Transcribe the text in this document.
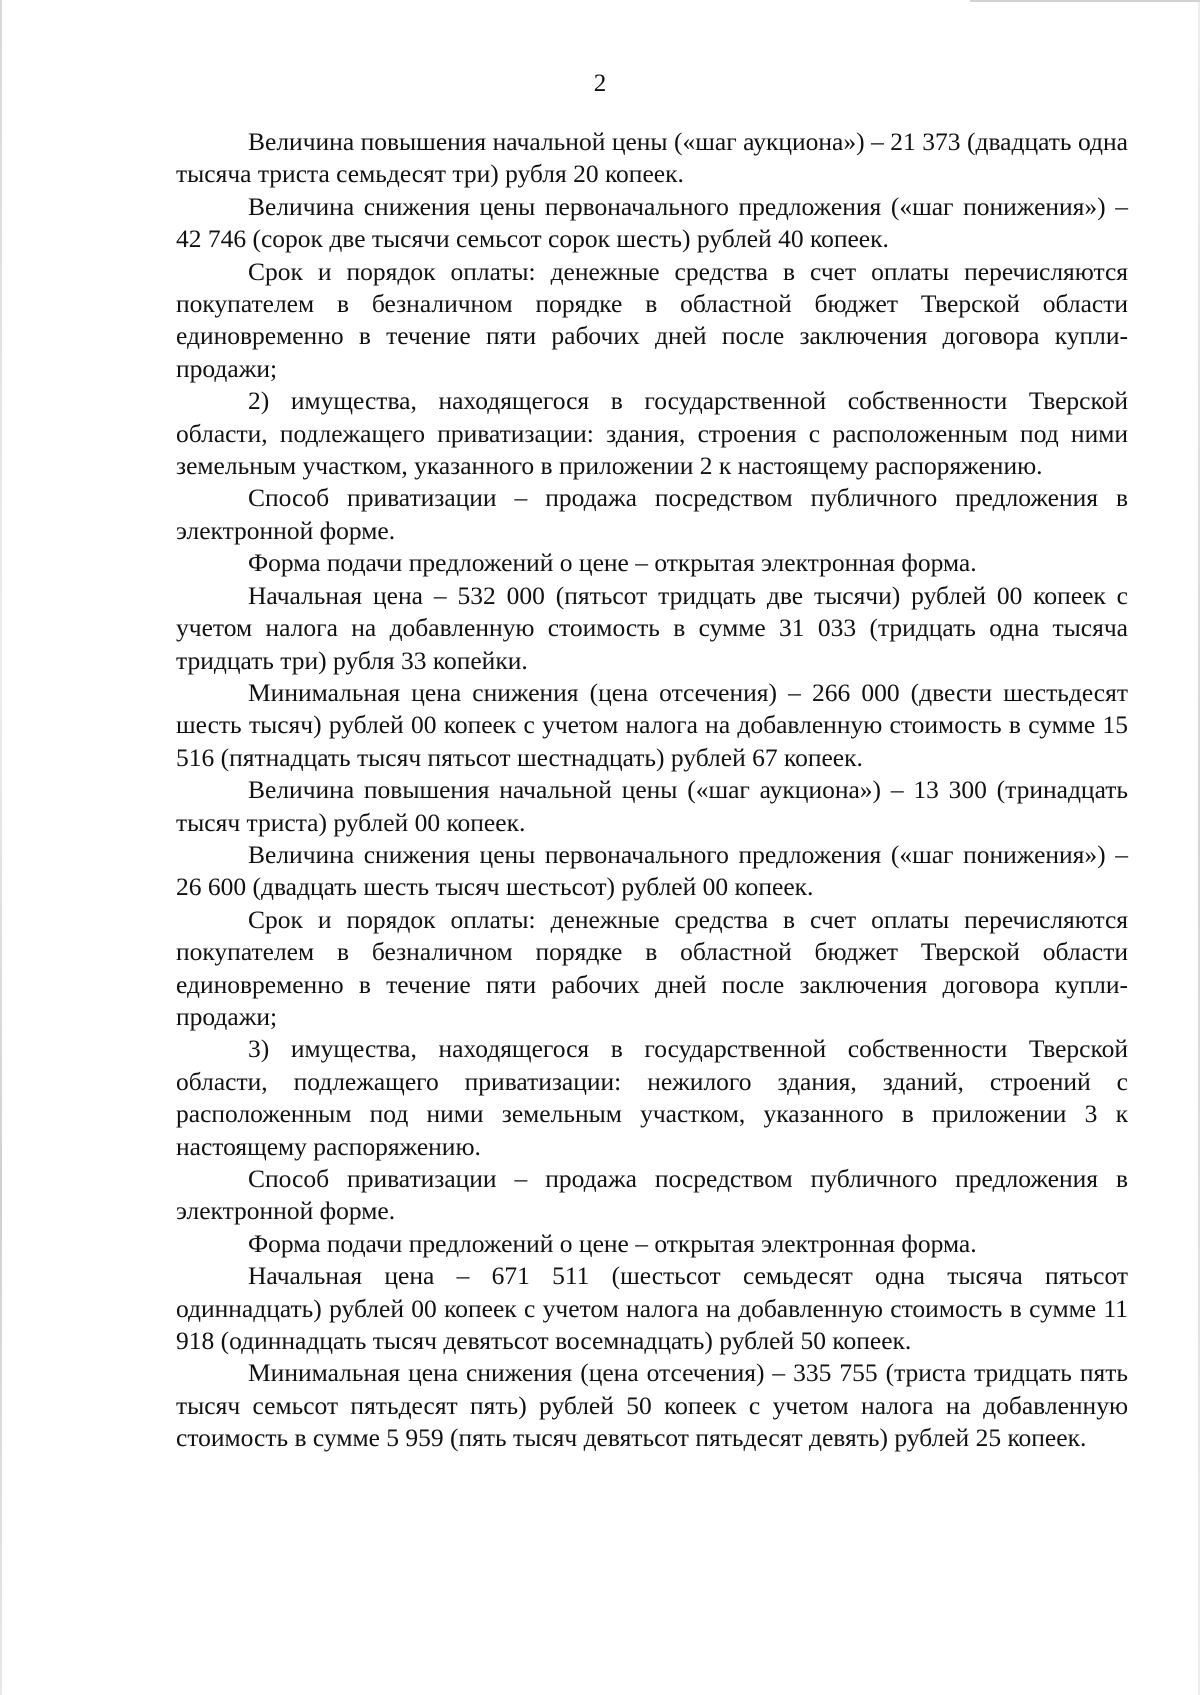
2

Величина повышения начальной цены («шаг аукциона») – 21 373 (двадцать одна тысяча триста семьдесят три) рубля 20 копеек.

Величина снижения цены первоначального предложения («шаг понижения») – 42 746 (сорок две тысячи семьсот сорок шесть) рублей 40 копеек.

Срок и порядок оплаты: денежные средства в счет оплаты перечисляются покупателем в безналичном порядке в областной бюджет Тверской области единовременно в течение пяти рабочих дней после заключения договора купли-продажи;

2) имущества, находящегося в государственной собственности Тверской области, подлежащего приватизации: здания, строения с расположенным под ними земельным участком, указанного в приложении 2 к настоящему распоряжению.

Способ приватизации – продажа посредством публичного предложения в электронной форме.

Форма подачи предложений о цене – открытая электронная форма.

Начальная цена – 532 000 (пятьсот тридцать две тысячи) рублей 00 копеек с учетом налога на добавленную стоимость в сумме 31 033 (тридцать одна тысяча тридцать три) рубля 33 копейки.

Минимальная цена снижения (цена отсечения) – 266 000 (двести шестьдесят шесть тысяч) рублей 00 копеек с учетом налога на добавленную стоимость в сумме 15 516 (пятнадцать тысяч пятьсот шестнадцать) рублей 67 копеек.

Величина повышения начальной цены («шаг аукциона») – 13 300 (тринадцать тысяч триста) рублей 00 копеек.

Величина снижения цены первоначального предложения («шаг понижения») – 26 600 (двадцать шесть тысяч шестьсот) рублей 00 копеек.

Срок и порядок оплаты: денежные средства в счет оплаты перечисляются покупателем в безналичном порядке в областной бюджет Тверской области единовременно в течение пяти рабочих дней после заключения договора купли-продажи;

3) имущества, находящегося в государственной собственности Тверской области, подлежащего приватизации: нежилого здания, зданий, строений с расположенным под ними земельным участком, указанного в приложении 3 к настоящему распоряжению.

Способ приватизации – продажа посредством публичного предложения в электронной форме.

Форма подачи предложений о цене – открытая электронная форма.

Начальная цена – 671 511 (шестьсот семьдесят одна тысяча пятьсот одиннадцать) рублей 00 копеек с учетом налога на добавленную стоимость в сумме 11 918 (одиннадцать тысяч девятьсот восемнадцать) рублей 50 копеек.

Минимальная цена снижения (цена отсечения) – 335 755 (триста тридцать пять тысяч семьсот пятьдесят пять) рублей 50 копеек с учетом налога на добавленную стоимость в сумме 5 959 (пять тысяч девятьсот пятьдесят девять) рублей 25 копеек.
